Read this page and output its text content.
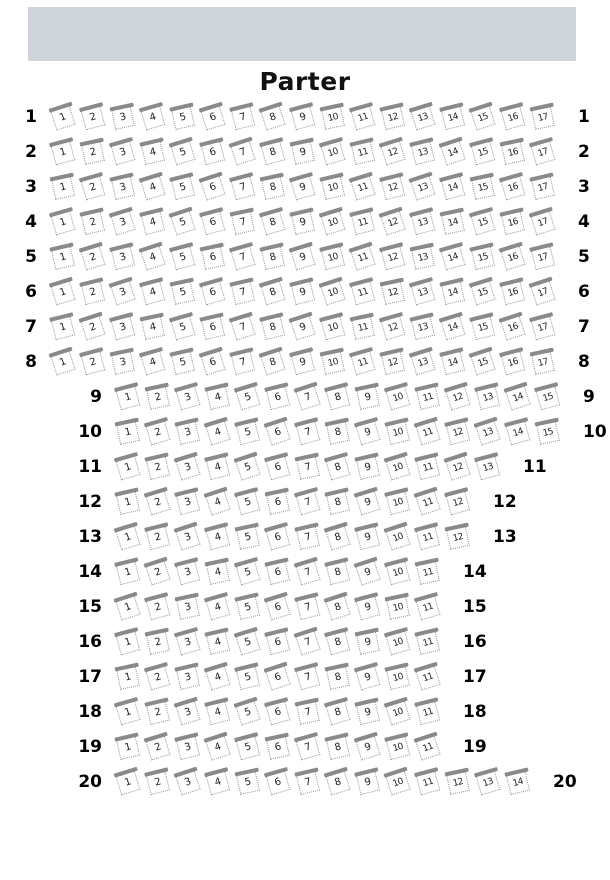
Parter
1 1 2 3 4 5 6 7 8 9 10 11 12 13 14 15 16 17 1
2 1 2 3 4 5 6 7 8 9 10 11 12 13 14 15 16 17 2
3 1 2 3 4 5 6 7 8 9 10 11 12 13 14 15 16 17 3
4 1 2 3 4 5 6 7 8 9 10 11 12 13 14 15 16 17 4
5 1 2 3 4 5 6 7 8 9 10 11 12 13 14 15 16 17 5
6 1 2 3 4 5 6 7 8 9 10 11 12 13 14 15 16 17 6
7 1 2 3 4 5 6 7 8 9 10 11 12 13 14 15 16 17 7
8 1 2 3 4 5 6 7 8 9 10 11 12 13 14 15 16 17 8
9 1 2 3 4 5 6 7 8 9 10 11 12 13 14 15 9
10 1 2 3 4 5 6 7 8 9 10 11 12 13 14 15 10
11 1 2 3 4 5 6 7 8 9 10 11 12 13 11
12 1 2 3 4 5 6 7 8 9 10 11 12 12
13 1 2 3 4 5 6 7 8 9 10 11 12 13
14 1 2 3 4 5 6 7 8 9 10 11 14
15 1 2 3 4 5 6 7 8 9 10 11 15
16 1 2 3 4 5 6 7 8 9 10 11 16
17 1 2 3 4 5 6 7 8 9 10 11 17
18 1 2 3 4 5 6 7 8 9 10 11 18
19 1 2 3 4 5 6 7 8 9 10 11 19
20 1 2 3 4 5 6 7 8 9 10 11 12 13 14 20
